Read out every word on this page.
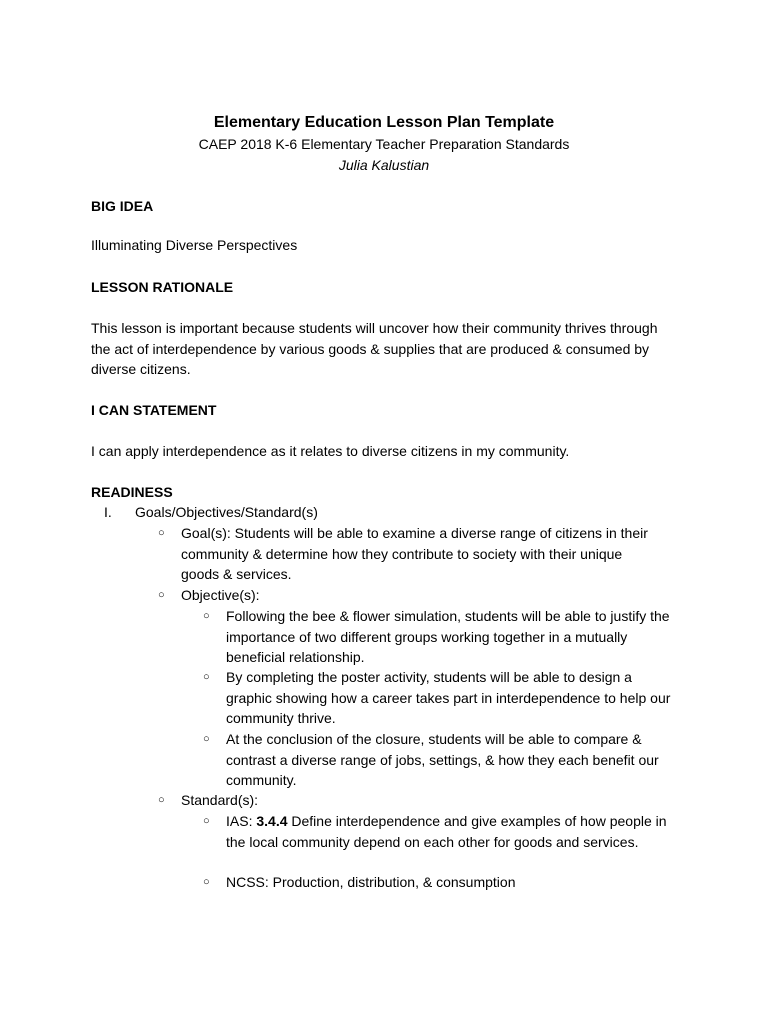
Elementary Education Lesson Plan Template
CAEP 2018 K-6 Elementary Teacher Preparation Standards
Julia Kalustian
BIG IDEA
Illuminating Diverse Perspectives
LESSON RATIONALE
This lesson is important because students will uncover how their community thrives through the act of interdependence by various goods & supplies that are produced & consumed by diverse citizens.
I CAN STATEMENT
I can apply interdependence as it relates to diverse citizens in my community.
READINESS
I. Goals/Objectives/Standard(s)
○ Goal(s): Students will be able to examine a diverse range of citizens in their community & determine how they contribute to society with their unique goods & services.
○ Objective(s):
○ Following the bee & flower simulation, students will be able to justify the importance of two different groups working together in a mutually beneficial relationship.
○ By completing the poster activity, students will be able to design a graphic showing how a career takes part in interdependence to help our community thrive.
○ At the conclusion of the closure, students will be able to compare & contrast a diverse range of jobs, settings, & how they each benefit our community.
○ Standard(s):
○ IAS: 3.4.4 Define interdependence and give examples of how people in the local community depend on each other for goods and services.
○ NCSS: Production, distribution, & consumption
